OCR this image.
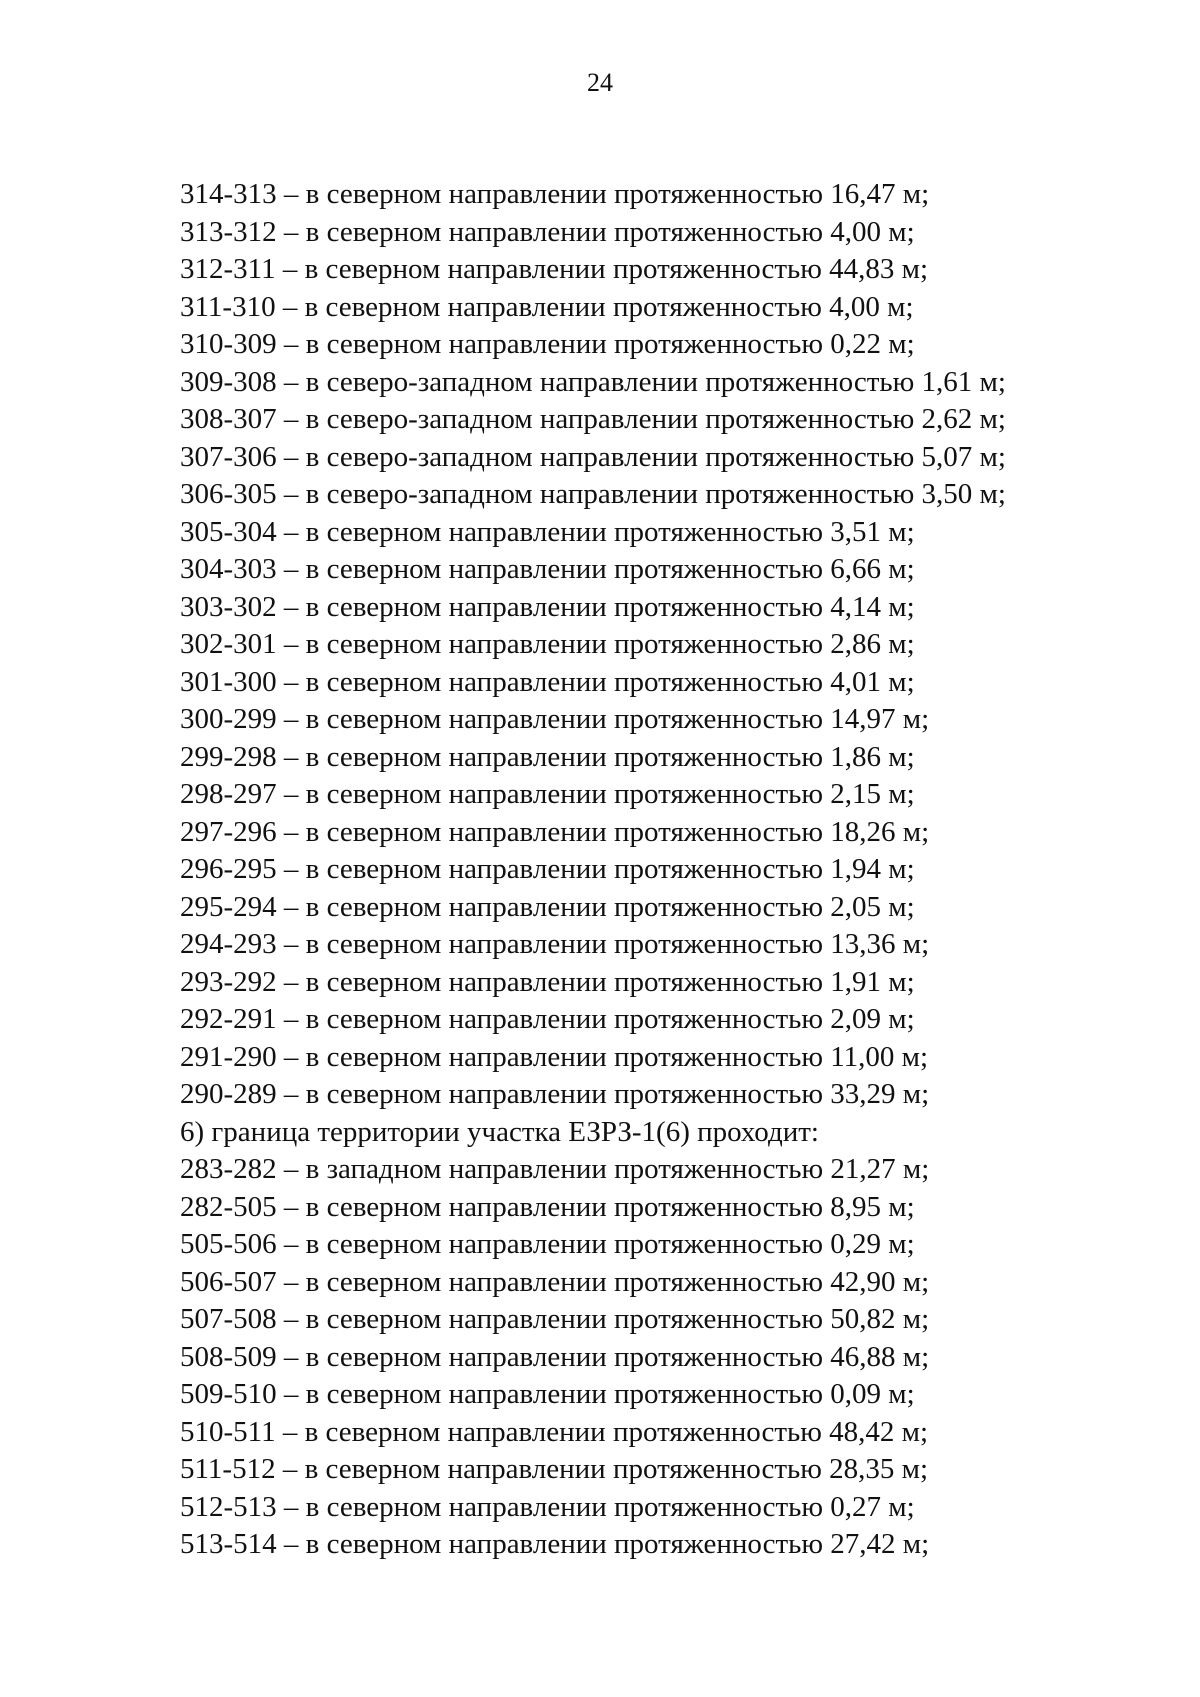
24
314-313 – в северном направлении протяженностью 16,47 м;
313-312 – в северном направлении протяженностью 4,00 м;
312-311 – в северном направлении протяженностью 44,83 м;
311-310 – в северном направлении протяженностью 4,00 м;
310-309 – в северном направлении протяженностью 0,22 м;
309-308 – в северо-западном направлении протяженностью 1,61 м;
308-307 – в северо-западном направлении протяженностью 2,62 м;
307-306 – в северо-западном направлении протяженностью 5,07 м;
306-305 – в северо-западном направлении протяженностью 3,50 м;
305-304 – в северном направлении протяженностью 3,51 м;
304-303 – в северном направлении протяженностью 6,66 м;
303-302 – в северном направлении протяженностью 4,14 м;
302-301 – в северном направлении протяженностью 2,86 м;
301-300 – в северном направлении протяженностью 4,01 м;
300-299 – в северном направлении протяженностью 14,97 м;
299-298 – в северном направлении протяженностью 1,86 м;
298-297 – в северном направлении протяженностью 2,15 м;
297-296 – в северном направлении протяженностью 18,26 м;
296-295 – в северном направлении протяженностью 1,94 м;
295-294 – в северном направлении протяженностью 2,05 м;
294-293 – в северном направлении протяженностью 13,36 м;
293-292 – в северном направлении протяженностью 1,91 м;
292-291 – в северном направлении протяженностью 2,09 м;
291-290 – в северном направлении протяженностью 11,00 м;
290-289 – в северном направлении протяженностью 33,29 м;
6) граница территории участка ЕЗРЗ-1(6) проходит:
283-282 – в западном направлении протяженностью 21,27 м;
282-505 – в северном направлении протяженностью 8,95 м;
505-506 – в северном направлении протяженностью 0,29 м;
506-507 – в северном направлении протяженностью 42,90 м;
507-508 – в северном направлении протяженностью 50,82 м;
508-509 – в северном направлении протяженностью 46,88 м;
509-510 – в северном направлении протяженностью 0,09 м;
510-511 – в северном направлении протяженностью 48,42 м;
511-512 – в северном направлении протяженностью 28,35 м;
512-513 – в северном направлении протяженностью 0,27 м;
513-514 – в северном направлении протяженностью 27,42 м;
